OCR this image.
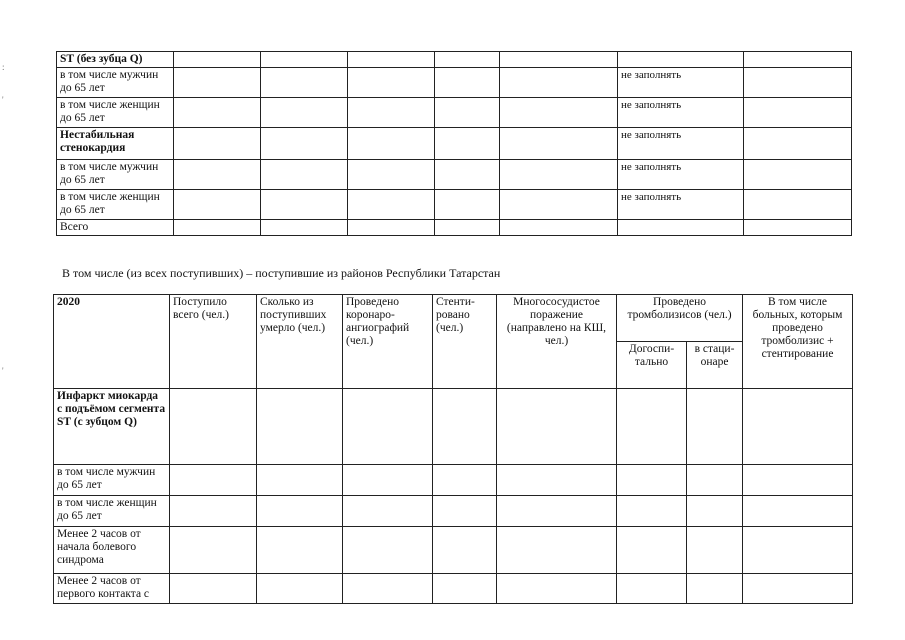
:
'
'
ST (без зубца Q)							
в том числе мужчин до 65 лет						не заполнять	
в том числе женщин до 65 лет						не заполнять	
Нестабильная стенокардия						не заполнять	
в том числе мужчин до 65 лет						не заполнять	
в том числе женщин до 65 лет						не заполнять	
Всего							
В том числе (из всех поступивших) – поступившие из районов Республики Татарстан
2020	Поступило всего (чел.)	Сколько из поступивших умерло (чел.)	Проведено коронаро-ангиографий (чел.)	Стенти-ровано (чел.)	Многососудистое поражение (направлено на КШ, чел.)	Проведено тромболизисов (чел.)		В том числе больных, которым проведено тромболизис + стентирование
						Догоспи-тально	в стаци-онаре	
Инфаркт миокарда с подъёмом сегмента ST (с зубцом Q)								
в том числе мужчин до 65 лет								
в том числе женщин до 65 лет								
Менее 2 часов от начала болевого синдрома								
Менее 2 часов от первого контакта с								
